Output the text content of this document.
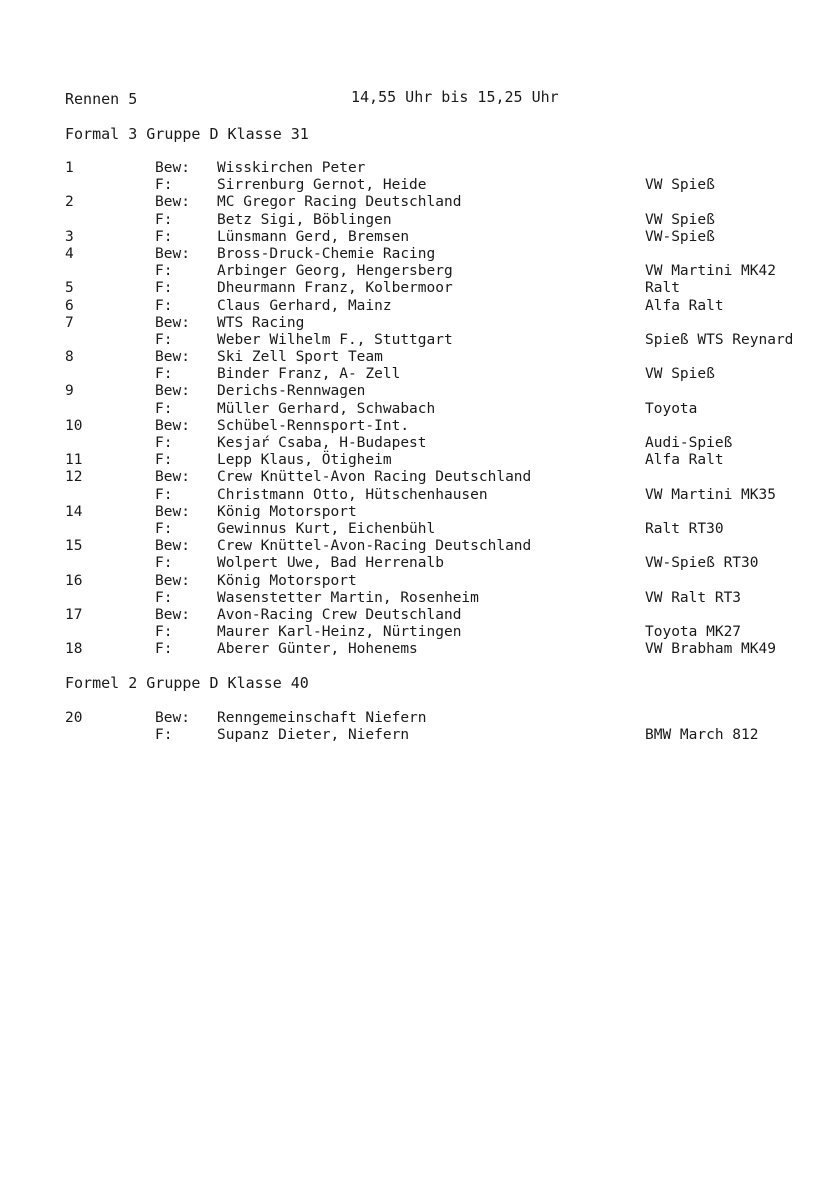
Rennen 5	14,55 Uhr bis 15,25 Uhr
Formal 3 Gruppe D Klasse 31
1	Bew: Wisskirchen Peter
F:	Sirrenburg Gernot, Heide	VW Spieß
2	Bew: MC Gregor Racing Deutschland
F:	Betz Sigi, Böblingen	VW Spieß
3	F:	Lünsmann Gerd, Bremsen	VW-Spieß
4	Bew: Bross-Druck-Chemie Racing
F:	Arbinger Georg, Hengersberg	VW Martini MK42
5	F:	Dheurmann Franz, Kolbermoor	Ralt
6	F:	Claus Gerhard, Mainz	Alfa Ralt
7	Bew: WTS Racing
F:	Weber Wilhelm F., Stuttgart	Spieß WTS Reynard
8	Bew: Ski Zell Sport Team
F:	Binder Franz, A- Zell	VW Spieß
9	Bew: Derichs-Rennwagen
F:	Müller Gerhard, Schwabach	Toyota
10	Bew: Schübel-Rennsport-Int.
F:	Kesjaŕ Csaba, H-Budapest	Audi-Spieß
11	F:	Lepp Klaus, Ötigheim	Alfa Ralt
12	Bew: Crew Knüttel-Avon Racing Deutschland
F:	Christmann Otto, Hütschenhausen	VW Martini MK35
14	Bew: König Motorsport
F:	Gewinnus Kurt, Eichenbühl	Ralt RT30
15	Bew: Crew Knüttel-Avon-Racing Deutschland
F:	Wolpert Uwe, Bad Herrenalb	VW-Spieß RT30
16	Bew: König Motorsport
F:	Wasenstetter Martin, Rosenheim	VW Ralt RT3
17	Bew: Avon-Racing Crew Deutschland
F:	Maurer Karl-Heinz, Nürtingen	Toyota MK27
18	F:	Aberer Günter, Hohenems	VW Brabham MK49
Formel 2 Gruppe D Klasse 40
20	Bew: Renngemeinschaft Niefern
F:	Supanz Dieter, Niefern	BMW March 812
